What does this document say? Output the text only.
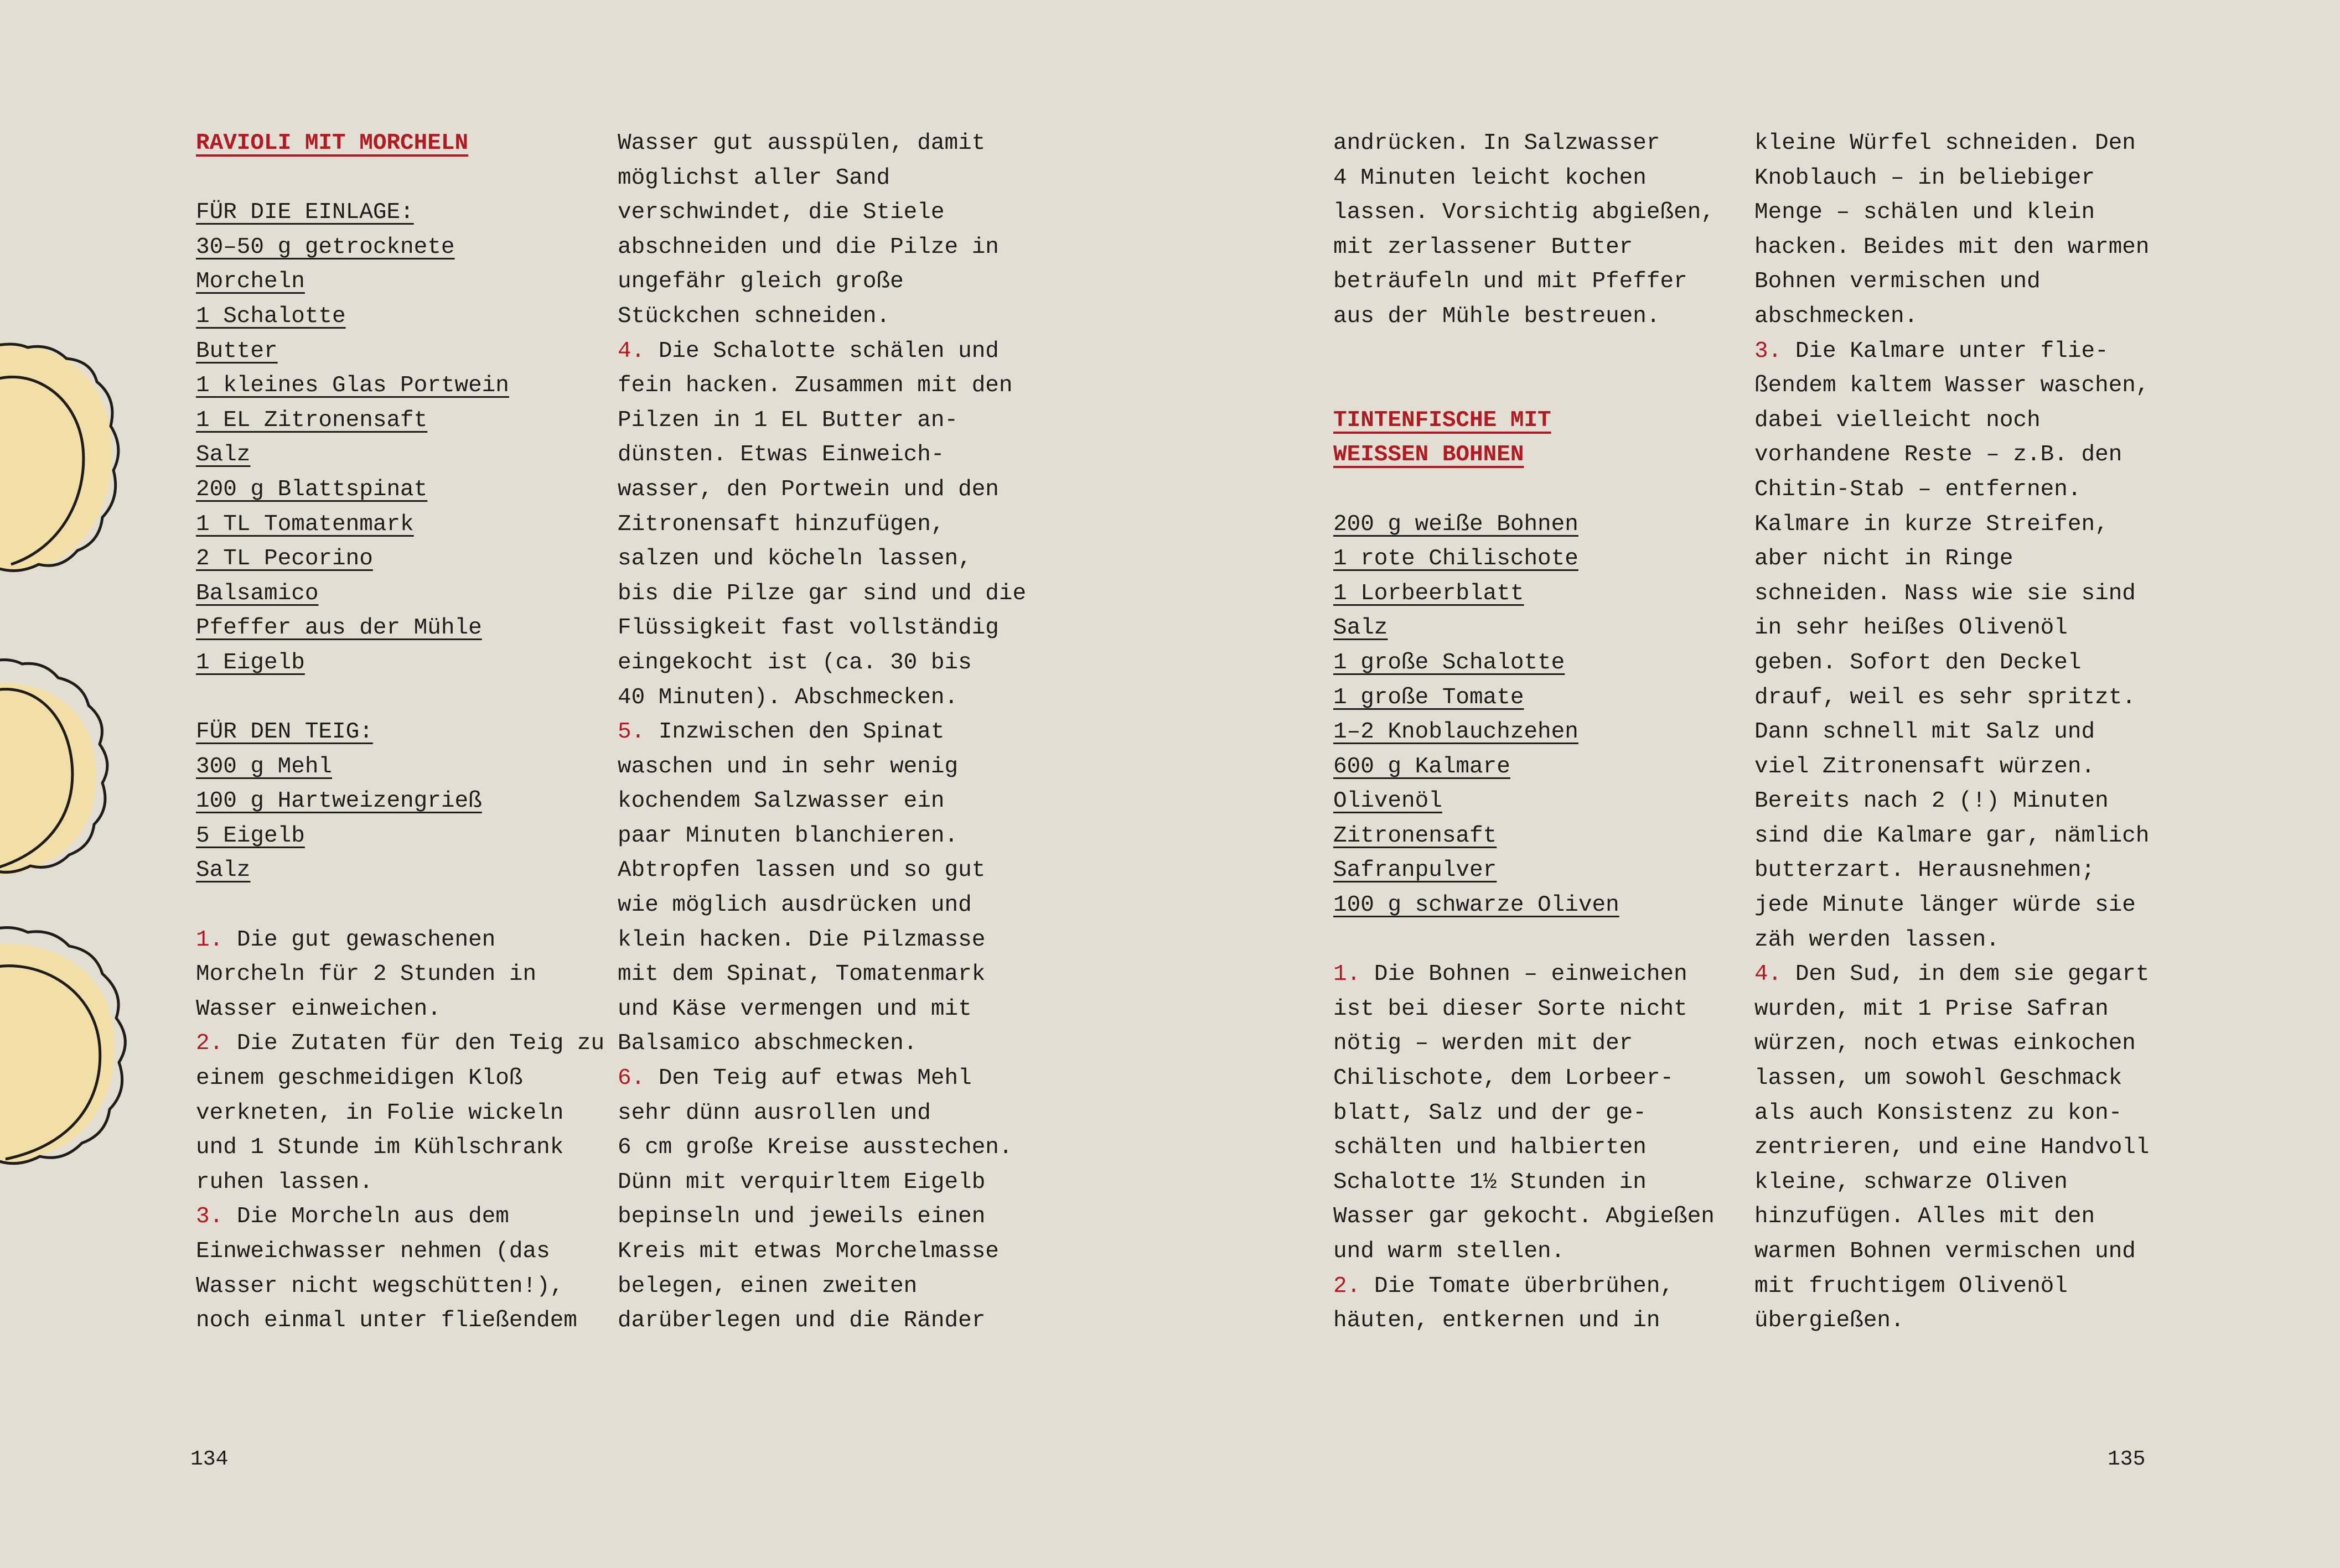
RAVIOLI MIT MORCHELN
FÜR DIE EINLAGE:
30–50 g getrocknete
Morcheln
1 Schalotte
Butter
1 kleines Glas Portwein
1 EL Zitronensaft
Salz
200 g Blattspinat
1 TL Tomatenmark
2 TL Pecorino
Balsamico
Pfeffer aus der Mühle
1 Eigelb
FÜR DEN TEIG:
300 g Mehl
100 g Hartweizengrieß
5 Eigelb
Salz
1. Die gut gewaschenen
Morcheln für 2 Stunden in
Wasser einweichen.
2. Die Zutaten für den Teig zu
einem geschmeidigen Kloß
verkneten, in Folie wickeln
und 1 Stunde im Kühlschrank
ruhen lassen.
3. Die Morcheln aus dem
Einweichwasser nehmen (das
Wasser nicht wegschütten!),
noch einmal unter fließendem
Wasser gut ausspülen, damit
möglichst aller Sand
verschwindet, die Stiele
abschneiden und die Pilze in
ungefähr gleich große
Stückchen schneiden.
4. Die Schalotte schälen und
fein hacken. Zusammen mit den
Pilzen in 1 EL Butter an-
dünsten. Etwas Einweich-
wasser, den Portwein und den
Zitronensaft hinzufügen,
salzen und köcheln lassen,
bis die Pilze gar sind und die
Flüssigkeit fast vollständig
eingekocht ist (ca. 30 bis
40 Minuten). Abschmecken.
5. Inzwischen den Spinat
waschen und in sehr wenig
kochendem Salzwasser ein
paar Minuten blanchieren.
Abtropfen lassen und so gut
wie möglich ausdrücken und
klein hacken. Die Pilzmasse
mit dem Spinat, Tomatenmark
und Käse vermengen und mit
Balsamico abschmecken.
6. Den Teig auf etwas Mehl
sehr dünn ausrollen und
6 cm große Kreise ausstechen.
Dünn mit verquirltem Eigelb
bepinseln und jeweils einen
Kreis mit etwas Morchelmasse
belegen, einen zweiten
darüberlegen und die Ränder
andrücken. In Salzwasser
4 Minuten leicht kochen
lassen. Vorsichtig abgießen,
mit zerlassener Butter
beträufeln und mit Pfeffer
aus der Mühle bestreuen.
TINTENFISCHE MIT
WEISSEN BOHNEN
200 g weiße Bohnen
1 rote Chilischote
1 Lorbeerblatt
Salz
1 große Schalotte
1 große Tomate
1–2 Knoblauchzehen
600 g Kalmare
Olivenöl
Zitronensaft
Safranpulver
100 g schwarze Oliven
1. Die Bohnen – einweichen
ist bei dieser Sorte nicht
nötig – werden mit der
Chilischote, dem Lorbeer-
blatt, Salz und der ge-
schälten und halbierten
Schalotte 1½ Stunden in
Wasser gar gekocht. Abgießen
und warm stellen.
2. Die Tomate überbrühen,
häuten, entkernen und in
kleine Würfel schneiden. Den
Knoblauch – in beliebiger
Menge – schälen und klein
hacken. Beides mit den warmen
Bohnen vermischen und
abschmecken.
3. Die Kalmare unter flie-
ßendem kaltem Wasser waschen,
dabei vielleicht noch
vorhandene Reste – z.B. den
Chitin-Stab – entfernen.
Kalmare in kurze Streifen,
aber nicht in Ringe
schneiden. Nass wie sie sind
in sehr heißes Olivenöl
geben. Sofort den Deckel
drauf, weil es sehr spritzt.
Dann schnell mit Salz und
viel Zitronensaft würzen.
Bereits nach 2 (!) Minuten
sind die Kalmare gar, nämlich
butterzart. Herausnehmen;
jede Minute länger würde sie
zäh werden lassen.
4. Den Sud, in dem sie gegart
wurden, mit 1 Prise Safran
würzen, noch etwas einkochen
lassen, um sowohl Geschmack
als auch Konsistenz zu kon-
zentrieren, und eine Handvoll
kleine, schwarze Oliven
hinzufügen. Alles mit den
warmen Bohnen vermischen und
mit fruchtigem Olivenöl
übergießen.
134	135
